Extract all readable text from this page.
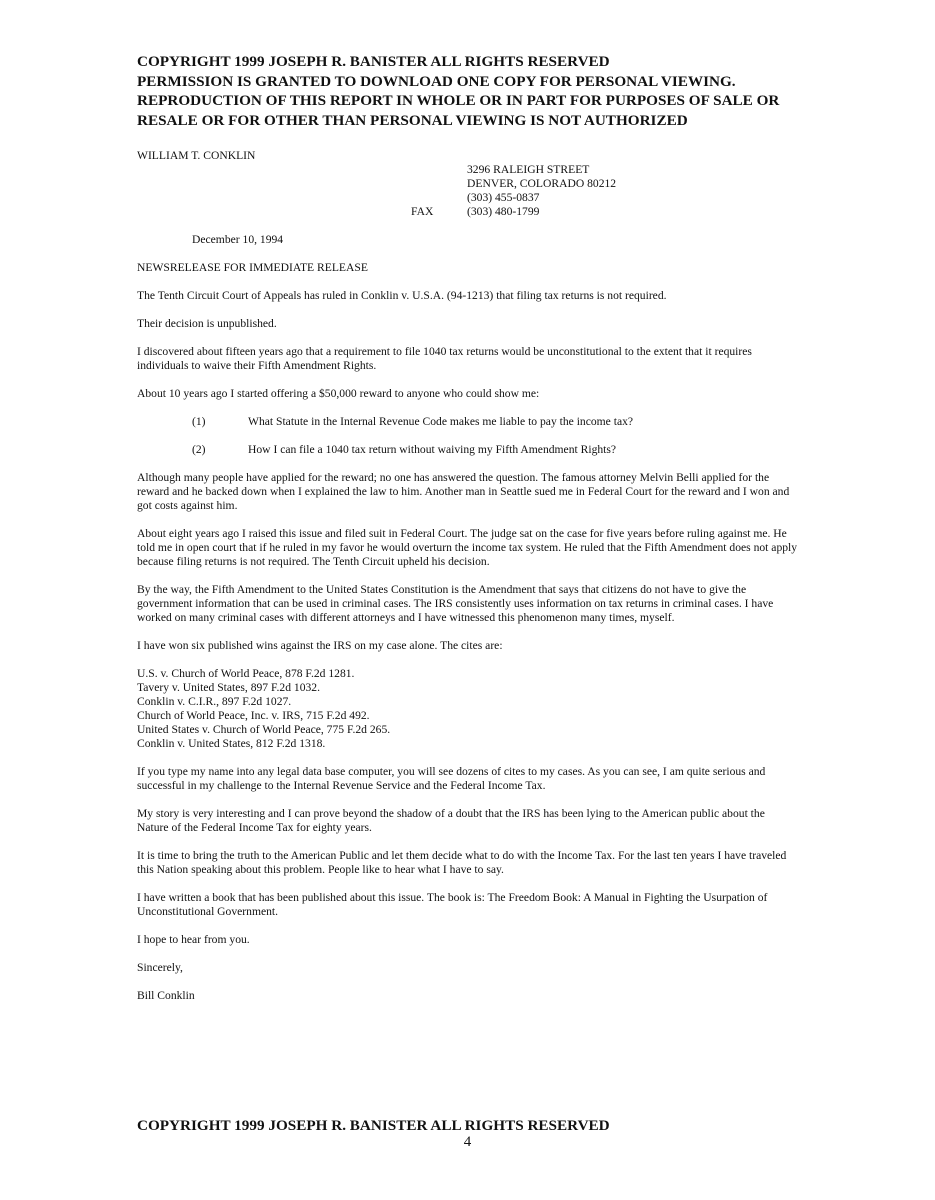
COPYRIGHT 1999 JOSEPH R. BANISTER ALL RIGHTS RESERVED
PERMISSION IS GRANTED TO DOWNLOAD ONE COPY FOR PERSONAL VIEWING.
REPRODUCTION OF THIS REPORT IN WHOLE OR IN PART FOR PURPOSES OF SALE OR
RESALE OR FOR OTHER THAN PERSONAL VIEWING IS NOT AUTHORIZED
WILLIAM T. CONKLIN
3296 RALEIGH STREET
DENVER, COLORADO 80212
(303) 455-0837
(303) 480-1799
FAX
December 10, 1994

NEWSRELEASE FOR IMMEDIATE RELEASE

The Tenth Circuit Court of Appeals has ruled in Conklin v. U.S.A. (94-1213) that filing tax returns is not required.

Their decision is unpublished.

I discovered about fifteen years ago that a requirement to file 1040 tax returns would be unconstitutional to the extent that it requires individuals to waive their Fifth Amendment Rights.

About 10 years ago I started offering a $50,000 reward to anyone who could show me:

(1)	What Statute in the Internal Revenue Code makes me liable to pay the income tax?
(2)	How I can file a 1040 tax return without waiving my Fifth Amendment Rights?

Although many people have applied for the reward; no one has answered the question. The famous attorney Melvin Belli applied for the reward and he backed down when I explained the law to him. Another man in Seattle sued me in Federal Court for the reward and I won and got costs against him.

About eight years ago I raised this issue and filed suit in Federal Court. The judge sat on the case for five years before ruling against me. He told me in open court that if he ruled in my favor he would overturn the income tax system. He ruled that the Fifth Amendment does not apply because filing returns is not required. The Tenth Circuit upheld his decision.

By the way, the Fifth Amendment to the United States Constitution is the Amendment that says that citizens do not have to give the government information that can be used in criminal cases. The IRS consistently uses information on tax returns in criminal cases. I have worked on many criminal cases with different attorneys and I have witnessed this phenomenon many times, myself.

I have won six published wins against the IRS on my case alone. The cites are:

U.S. v. Church of World Peace, 878 F.2d 1281.
Tavery v. United States, 897 F.2d 1032.
Conklin v. C.I.R., 897 F.2d 1027.
Church of World Peace, Inc. v. IRS, 715 F.2d 492.
United States v. Church of World Peace, 775 F.2d 265.
Conklin v. United States, 812 F.2d 1318.

If you type my name into any legal data base computer, you will see dozens of cites to my cases. As you can see, I am quite serious and successful in my challenge to the Internal Revenue Service and the Federal Income Tax.

My story is very interesting and I can prove beyond the shadow of a doubt that the IRS has been lying to the American public about the Nature of the Federal Income Tax for eighty years.

It is time to bring the truth to the American Public and let them decide what to do with the Income Tax. For the last ten years I have traveled this Nation speaking about this problem. People like to hear what I have to say.

I have written a book that has been published about this issue. The book is: The Freedom Book: A Manual in Fighting the Usurpation of Unconstitutional Government.

I hope to hear from you.

Sincerely,

Bill Conklin

COPYRIGHT 1999 JOSEPH R. BANISTER ALL RIGHTS RESERVED
4
